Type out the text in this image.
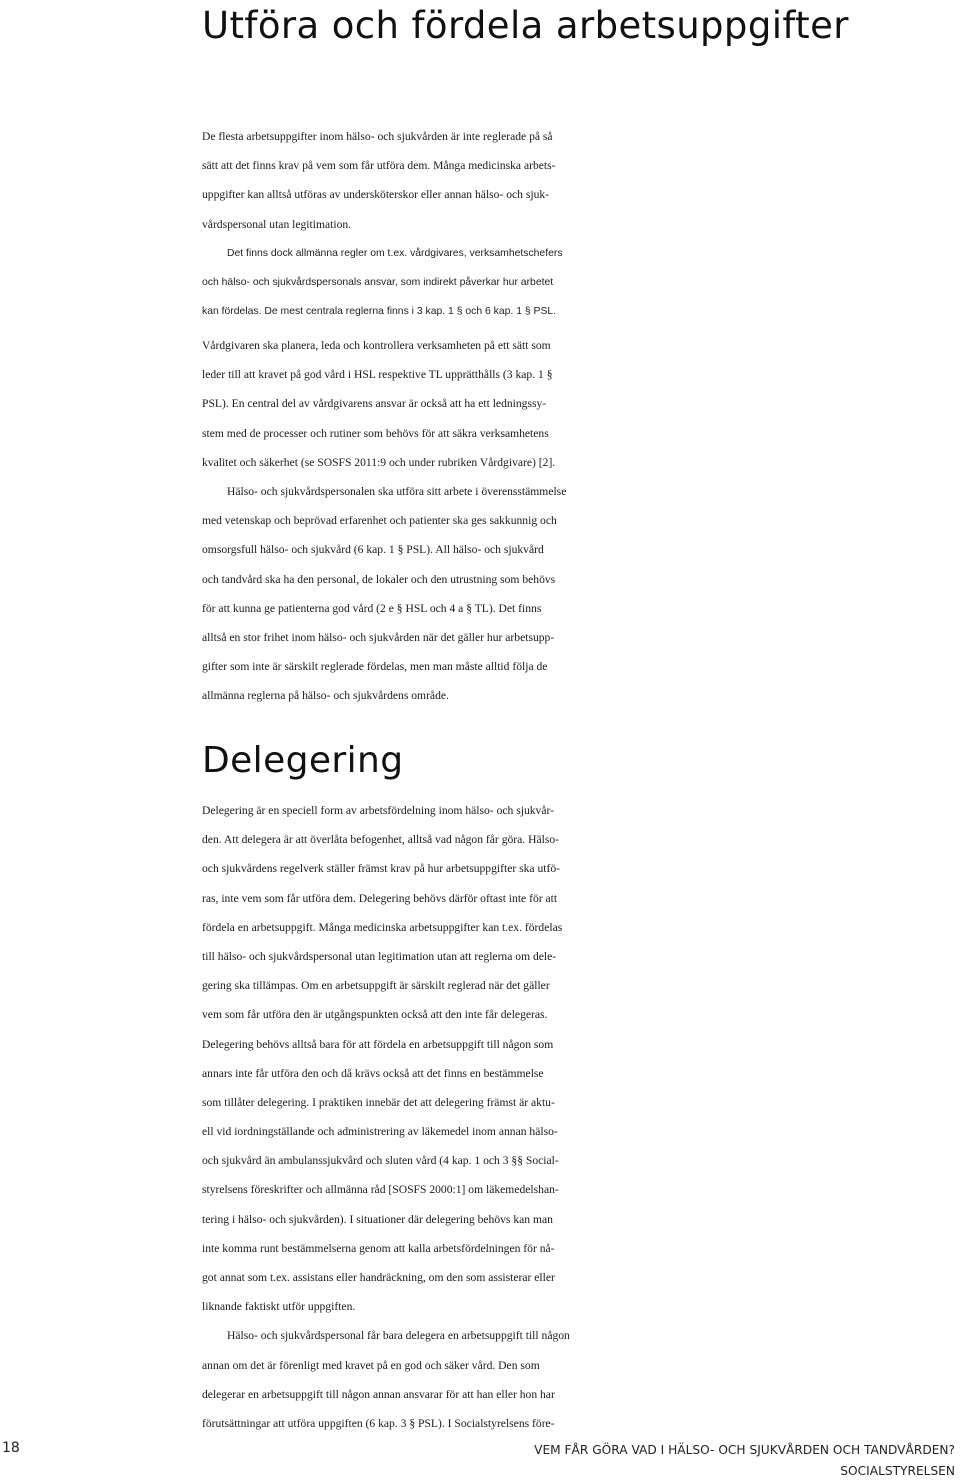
Utföra och fördela arbetsuppgifter
De flesta arbetsuppgifter inom hälso- och sjukvården är inte reglerade på så
sätt att det finns krav på vem som får utföra dem. Många medicinska arbets-
uppgifter kan alltså utföras av undersköterskor eller annan hälso- och sjuk-
vårdspersonal utan legitimation.
Det finns dock allmänna regler om t.ex. vårdgivares, verksamhetschefers
och hälso- och sjukvårdspersonals ansvar, som indirekt påverkar hur arbetet
kan fördelas. De mest centrala reglerna finns i 3 kap. 1 § och 6 kap. 1 § PSL.
Vårdgivaren ska planera, leda och kontrollera verksamheten på ett sätt som
leder till att kravet på god vård i HSL respektive TL upprätthålls (3 kap. 1 §
PSL). En central del av vårdgivarens ansvar är också att ha ett ledningssy-
stem med de processer och rutiner som behövs för att säkra verksamhetens
kvalitet och säkerhet (se SOSFS 2011:9 och under rubriken Vårdgivare) [2].
Hälso- och sjukvårdspersonalen ska utföra sitt arbete i överensstämmelse
med vetenskap och beprövad erfarenhet och patienter ska ges sakkunnig och
omsorgsfull hälso- och sjukvård (6 kap. 1 § PSL). All hälso- och sjukvård
och tandvård ska ha den personal, de lokaler och den utrustning som behövs
för att kunna ge patienterna god vård (2 e § HSL och 4 a § TL). Det finns
alltså en stor frihet inom hälso- och sjukvården när det gäller hur arbetsupp-
gifter som inte är särskilt reglerade fördelas, men man måste alltid följa de
allmänna reglerna på hälso- och sjukvårdens område.
Delegering
Delegering är en speciell form av arbetsfördelning inom hälso- och sjukvår-
den. Att delegera är att överlåta befogenhet, alltså vad någon får göra. Hälso-
och sjukvårdens regelverk ställer främst krav på hur arbetsuppgifter ska utfö-
ras, inte vem som får utföra dem. Delegering behövs därför oftast inte för att
fördela en arbetsuppgift. Många medicinska arbetsuppgifter kan t.ex. fördelas
till hälso- och sjukvårdspersonal utan legitimation utan att reglerna om dele-
gering ska tillämpas. Om en arbetsuppgift är särskilt reglerad när det gäller
vem som får utföra den är utgångspunkten också att den inte får delegeras.
Delegering behövs alltså bara för att fördela en arbetsuppgift till någon som
annars inte får utföra den och då krävs också att det finns en bestämmelse
som tillåter delegering. I praktiken innebär det att delegering främst är aktu-
ell vid iordningställande och administrering av läkemedel inom annan hälso-
och sjukvård än ambulanssjukvård och sluten vård (4 kap. 1 och 3 §§ Social-
styrelsens föreskrifter och allmänna råd [SOSFS 2000:1] om läkemedelshan-
tering i hälso- och sjukvården). I situationer där delegering behövs kan man
inte komma runt bestämmelserna genom att kalla arbetsfördelningen för nå-
got annat som t.ex. assistans eller handräckning, om den som assisterar eller
liknande faktiskt utför uppgiften.
Hälso- och sjukvårdspersonal får bara delegera en arbetsuppgift till någon
annan om det är förenligt med kravet på en god och säker vård. Den som
delegerar en arbetsuppgift till någon annan ansvarar för att han eller hon har
förutsättningar att utföra uppgiften (6 kap. 3 § PSL). I Socialstyrelsens före-
18	VEM FÅR GÖRA VAD I HÄLSO- OCH SJUKVÅRDEN OCH TANDVÅRDEN?
SOCIALSTYRELSEN
